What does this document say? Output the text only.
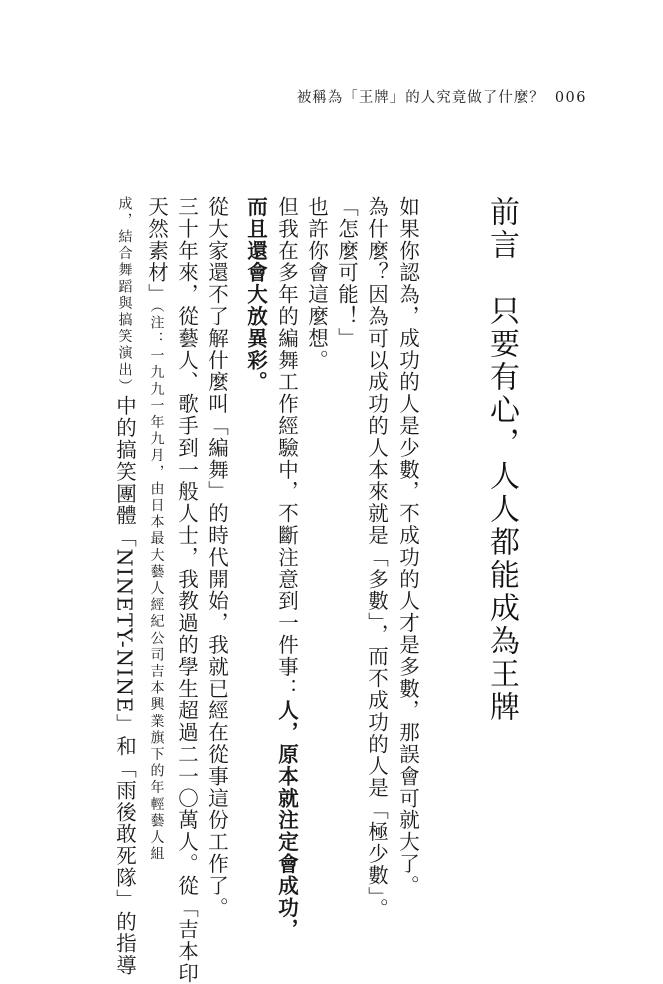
被稱為「王牌」的人究竟做了什麼？ 006
前言　只要有心，人人都能成為王牌
如果你認為，成功的人是少數，不成功的人才是多數，那誤會可就大了。
為什麼？因為可以成功的人本來就是「多數」，而不成功的人是「極少數」。
「怎麼可能！」
也許你會這麼想。
但我在多年的編舞工作經驗中，不斷注意到一件事：人，原本就注定會成功，
而且還會大放異彩。
從大家還不了解什麼叫「編舞」的時代開始，我就已經在從事這份工作了。
三十年來，從藝人、歌手到一般人士，我教過的學生超過二一〇萬人。從「吉本印
天然素材」（注：一九九一年九月，由日本最大藝人經紀公司吉本興業旗下的年輕藝人組
成，結合舞蹈與搞笑演出）中的搞笑團體「NINETY-NINE」和「雨後敢死隊」的指導
